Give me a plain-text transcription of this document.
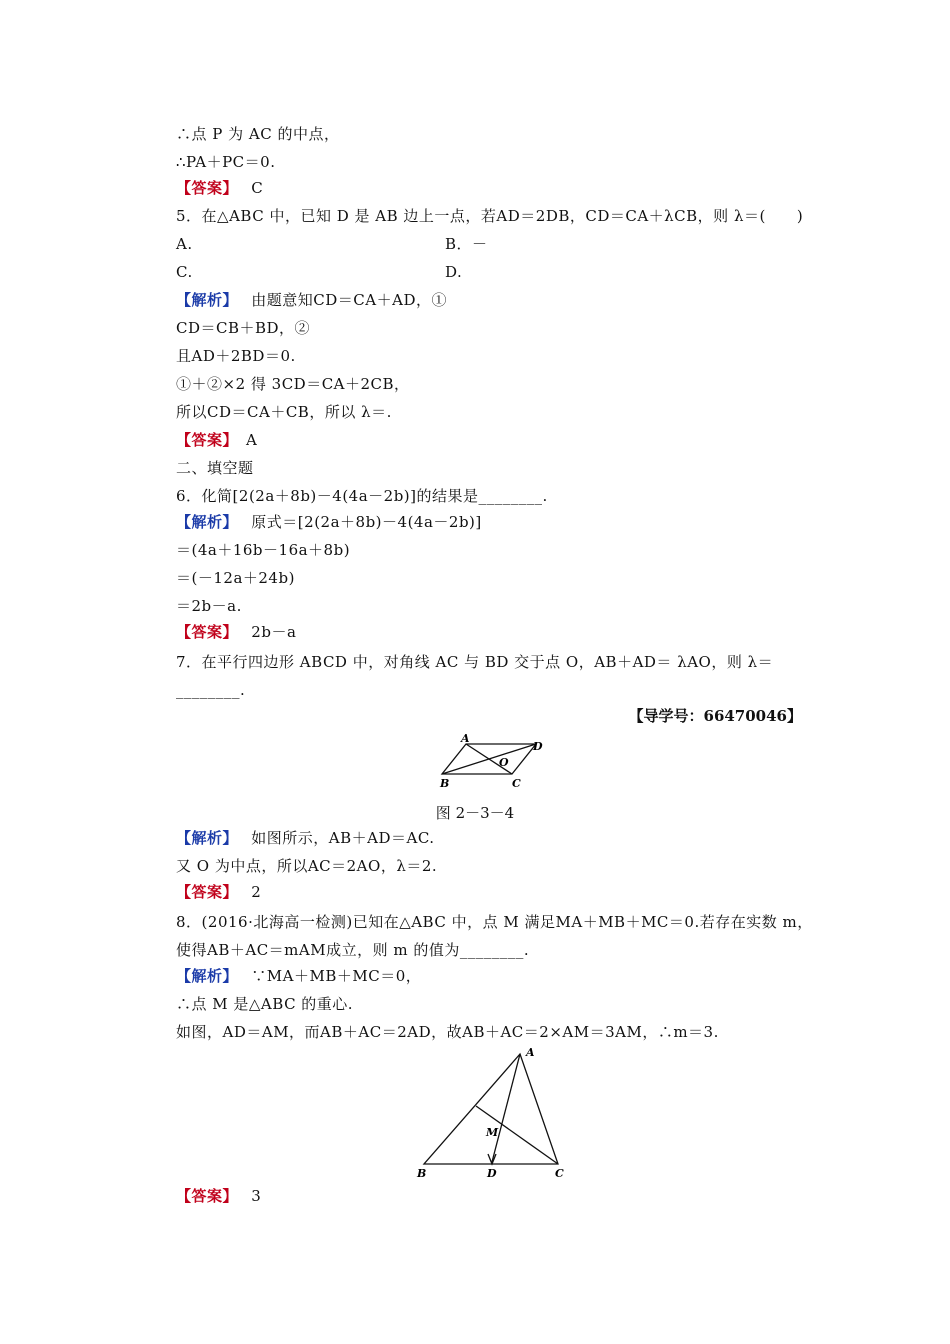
∴点 P 为 AC 的中点，
∴PA＋PC＝0.
【答案】　 C
5．在△ABC 中，已知 D 是 AB 边上一点，若AD＝2DB，CD＝CA＋λCB，则 λ＝(　　)
A.	B．－
C.	D.
【解析】　 由题意知CD＝CA＋AD，①
CD＝CB＋BD，②
且AD＋2BD＝0.
①＋②×2 得 3CD＝CA＋2CB，
所以CD＝CA＋CB，所以 λ＝.
【答案】　 A
二、填空题
6．化简[2(2a＋8b)－4(4a－2b)]的结果是________.
【解析】　 原式＝[2(2a＋8b)－4(4a－2b)]
＝(4a＋16b－16a＋8b)
＝(－12a＋24b)
＝2b－a.
【答案】　 2b－a
7．在平行四边形 ABCD 中，对角线 AC 与 BD 交于点 O，AB＋AD＝ λAO，则 λ＝
________.
【导学号：66470046】
A
D
B	C
O
图 2－3－4
【解析】　 如图所示，AB＋AD＝AC.
又 O 为中点，所以AC＝2AO，λ＝2.
【答案】　 2
8．(2016·北海高一检测)已知在△ABC 中，点 M 满足MA＋MB＋MC＝0.若存在实数 m，
使得AB＋AC＝mAM成立，则 m 的值为________.
【解析】　 ∵MA＋MB＋MC＝0，
∴点 M 是△ABC 的重心.
如图，AD＝AM，而AB＋AC＝2AD，故AB＋AC＝2×AM＝3AM，∴m＝3.
A
B	D	C
M
【答案】　 3
